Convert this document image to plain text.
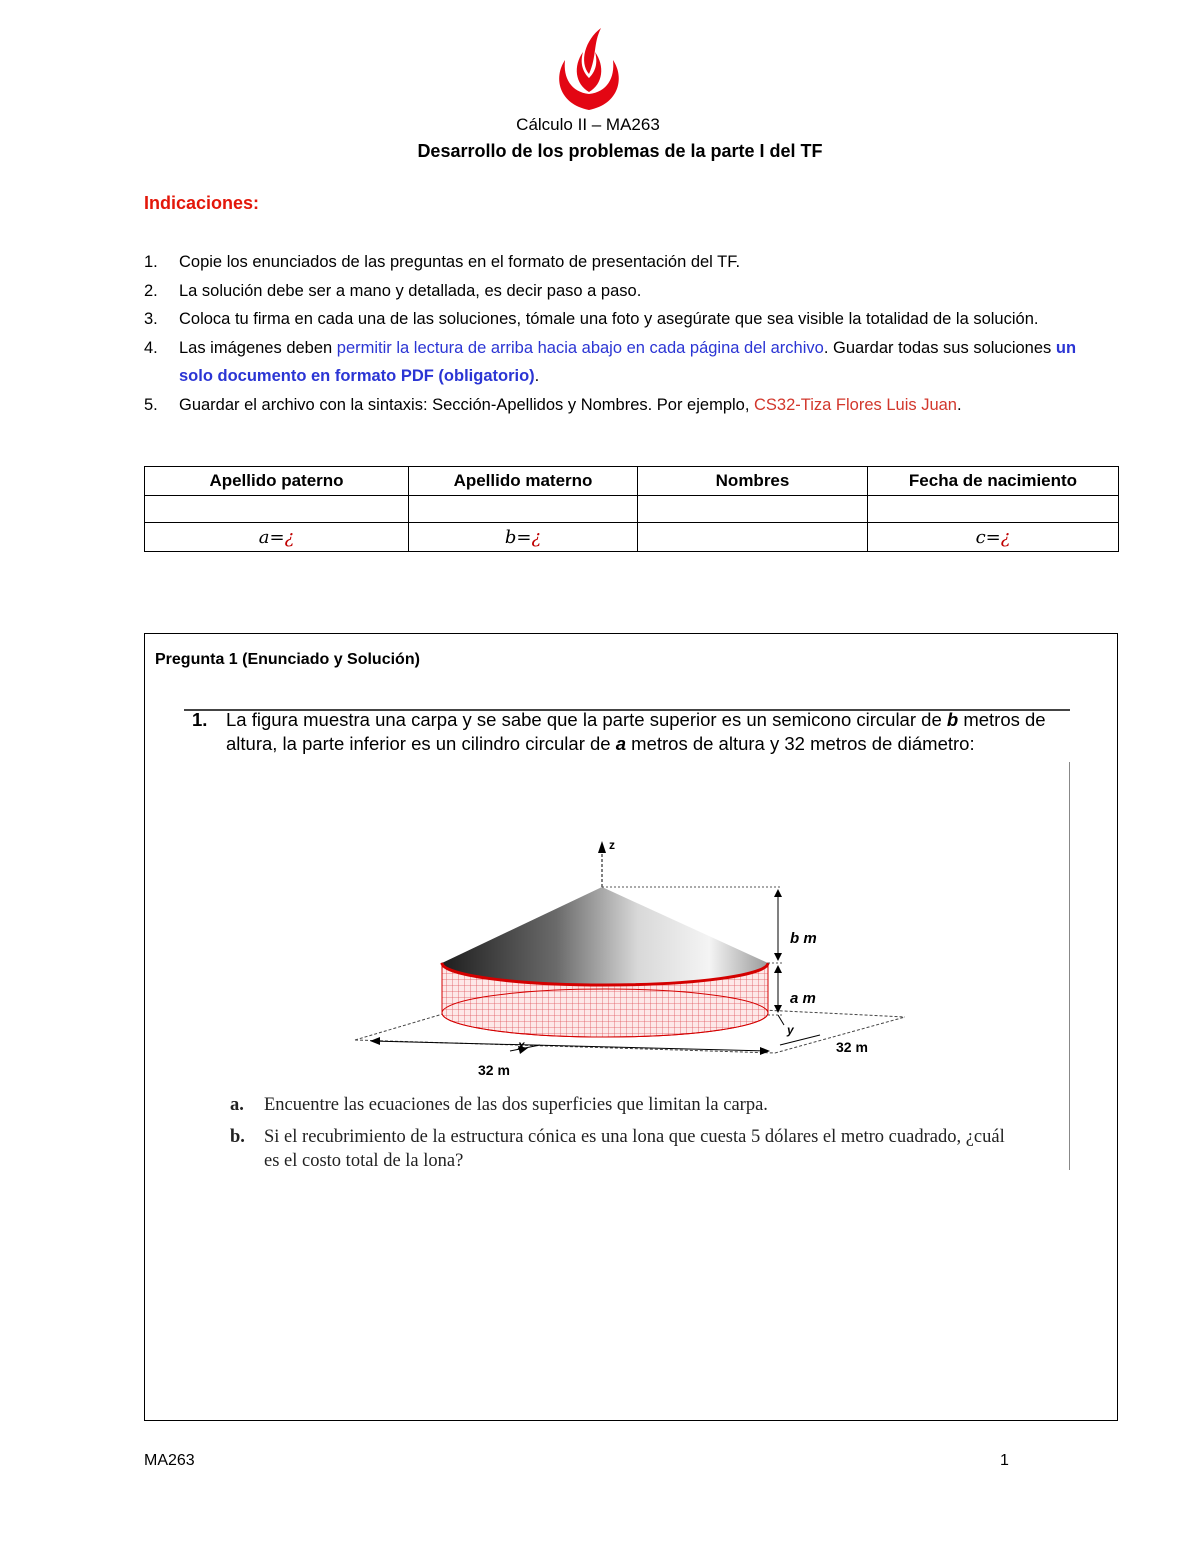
Cálculo II – MA263
Desarrollo de los problemas de la parte I del TF
Indicaciones:
1. Copie los enunciados de las preguntas en el formato de presentación del TF.
2. La solución debe ser a mano y detallada, es decir paso a paso.
3. Coloca tu firma en cada una de las soluciones, tómale una foto y asegúrate que sea visible la totalidad de la solución.
4. Las imágenes deben permitir la lectura de arriba hacia abajo en cada página del archivo. Guardar todas sus soluciones un solo documento en formato PDF (obligatorio).
5. Guardar el archivo con la sintaxis: Sección-Apellidos y Nombres. Por ejemplo, CS32-Tiza Flores Luis Juan.
Apellido paterno	Apellido materno	Nombres	Fecha de nacimiento

a=¿	b=¿		c=¿
Pregunta 1 (Enunciado y Solución)
1. La figura muestra una carpa y se sabe que la parte superior es un semicono circular de b metros de altura, la parte inferior es un cilindro circular de a metros de altura y 32 metros de diámetro:
z
b m
a m
y
32 m
32 m
a. Encuentre las ecuaciones de las dos superficies que limitan la carpa.
b. Si el recubrimiento de la estructura cónica es una lona que cuesta 5 dólares el metro cuadrado, ¿cuál es el costo total de la lona?
MA263	1
